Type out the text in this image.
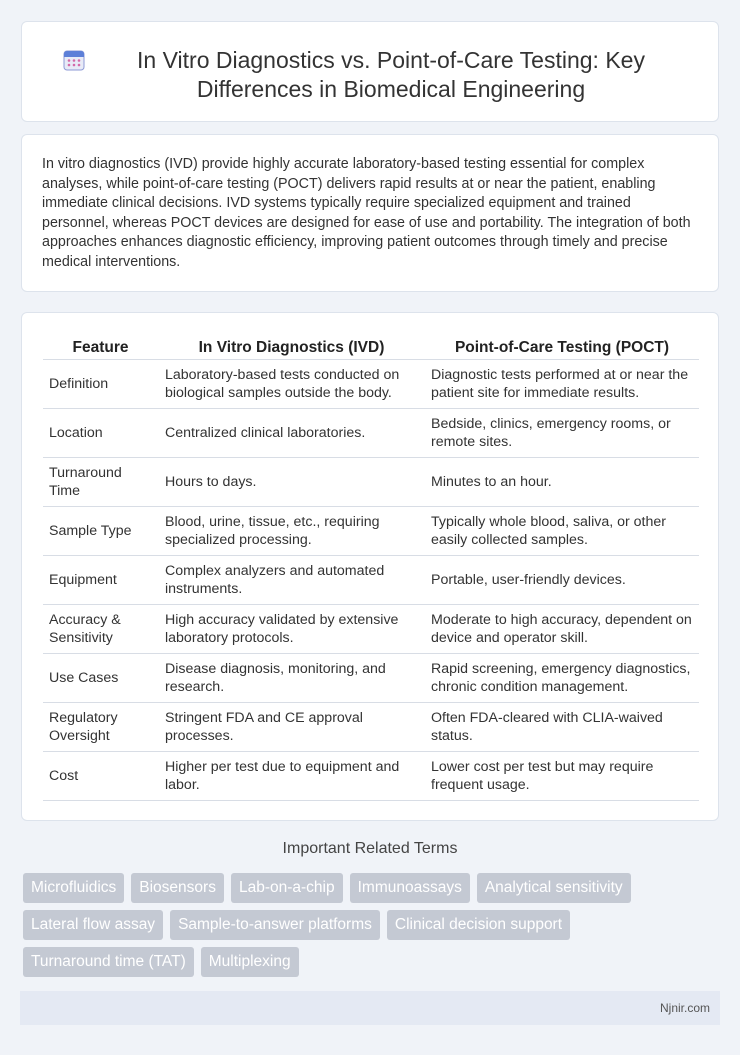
In Vitro Diagnostics vs. Point-of-Care Testing: Key Differences in Biomedical Engineering

In vitro diagnostics (IVD) provide highly accurate laboratory-based testing essential for complex analyses, while point-of-care testing (POCT) delivers rapid results at or near the patient, enabling immediate clinical decisions. IVD systems typically require specialized equipment and trained personnel, whereas POCT devices are designed for ease of use and portability. The integration of both approaches enhances diagnostic efficiency, improving patient outcomes through timely and precise medical interventions.

Feature	In Vitro Diagnostics (IVD)	Point-of-Care Testing (POCT)
Definition	Laboratory-based tests conducted on biological samples outside the body.	Diagnostic tests performed at or near the patient site for immediate results.
Location	Centralized clinical laboratories.	Bedside, clinics, emergency rooms, or remote sites.
Turnaround Time	Hours to days.	Minutes to an hour.
Sample Type	Blood, urine, tissue, etc., requiring specialized processing.	Typically whole blood, saliva, or other easily collected samples.
Equipment	Complex analyzers and automated instruments.	Portable, user-friendly devices.
Accuracy & Sensitivity	High accuracy validated by extensive laboratory protocols.	Moderate to high accuracy, dependent on device and operator skill.
Use Cases	Disease diagnosis, monitoring, and research.	Rapid screening, emergency diagnostics, chronic condition management.
Regulatory Oversight	Stringent FDA and CE approval processes.	Often FDA-cleared with CLIA-waived status.
Cost	Higher per test due to equipment and labor.	Lower cost per test but may require frequent usage.
Important Related Terms
Microfluidics	Biosensors	Lab-on-a-chip	Immunoassays	Analytical sensitivity
Lateral flow assay	Sample-to-answer platforms	Clinical decision support
Turnaround time (TAT)	Multiplexing
Njnir.com
